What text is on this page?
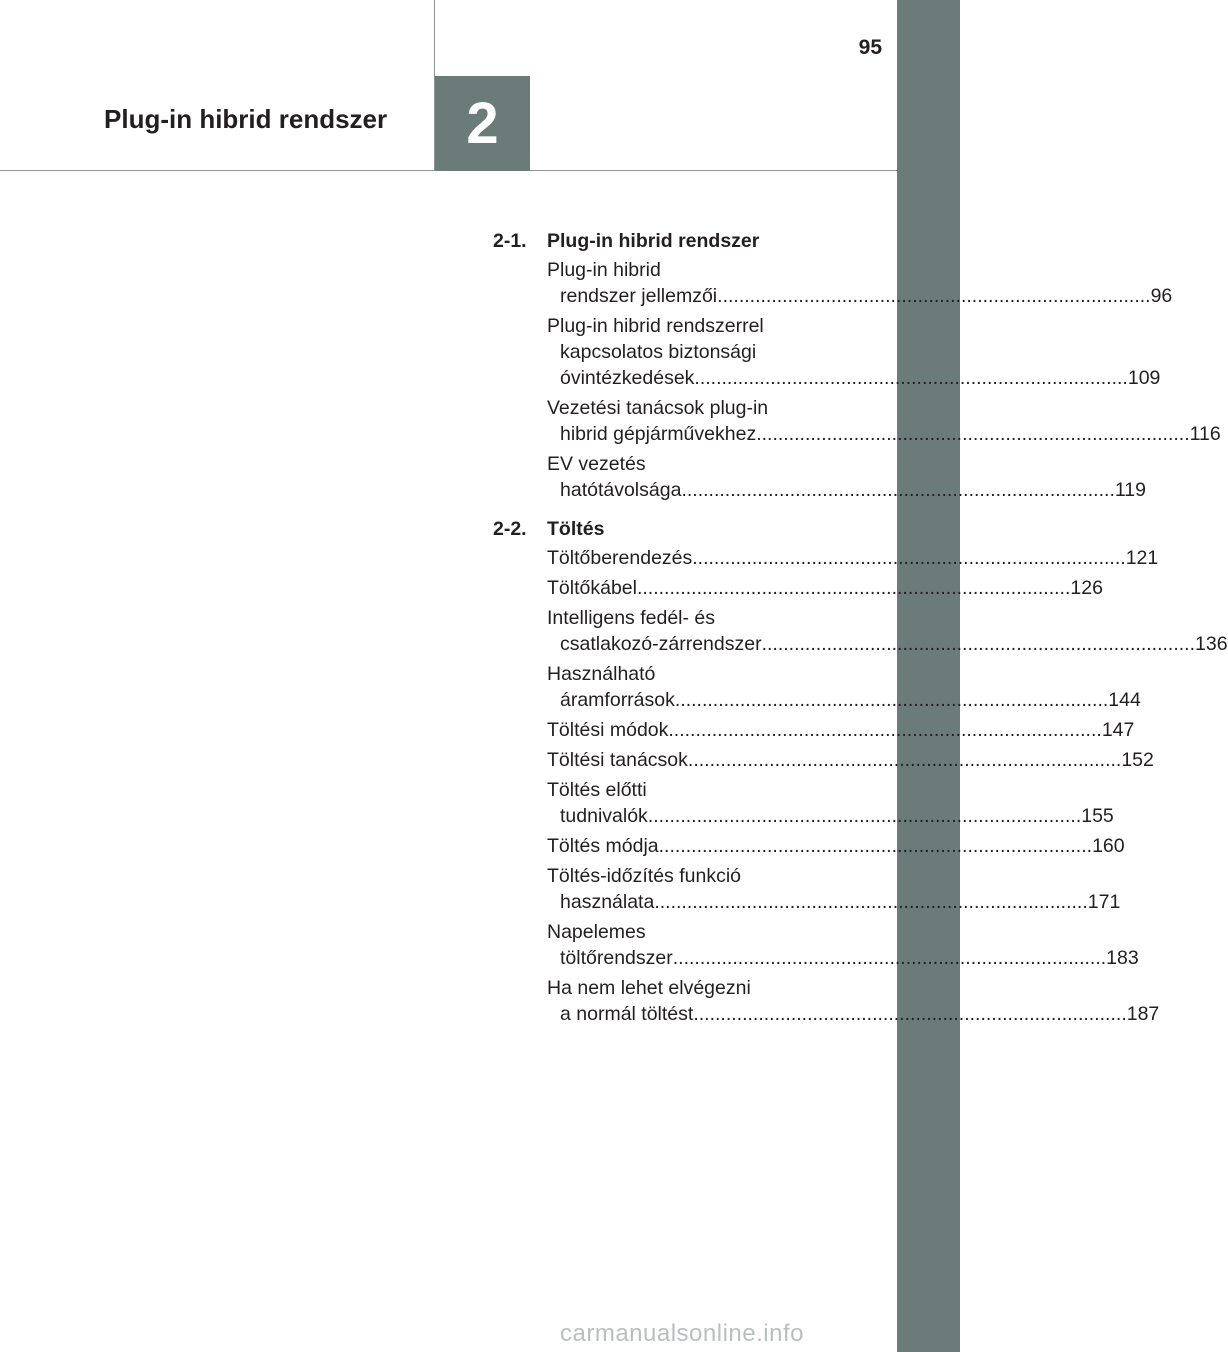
95
Plug-in hibrid rendszer	2
2-1.	Plug-in hibrid rendszer
Plug-in hibrid
rendszer jellemzői ................................................................................ 96
Plug-in hibrid rendszerrel
kapcsolatos biztonsági
óvintézkedések ................................................................................ 109
Vezetési tanácsok plug-in
hibrid gépjárművekhez ................................................................................ 116
EV vezetés
hatótávolsága ................................................................................ 119
2-2.	Töltés
Töltőberendezés ................................................................................ 121
Töltőkábel ................................................................................ 126
Intelligens fedél- és
csatlakozó-zárrendszer ................................................................................ 136
Használható
áramforrások ................................................................................ 144
Töltési módok ................................................................................ 147
Töltési tanácsok ................................................................................ 152
Töltés előtti
tudnivalók ................................................................................ 155
Töltés módja ................................................................................ 160
Töltés-időzítés funkció
használata ................................................................................ 171
Napelemes
töltőrendszer ................................................................................ 183
Ha nem lehet elvégezni
a normál töltést ................................................................................ 187
carmanualsonline.info
